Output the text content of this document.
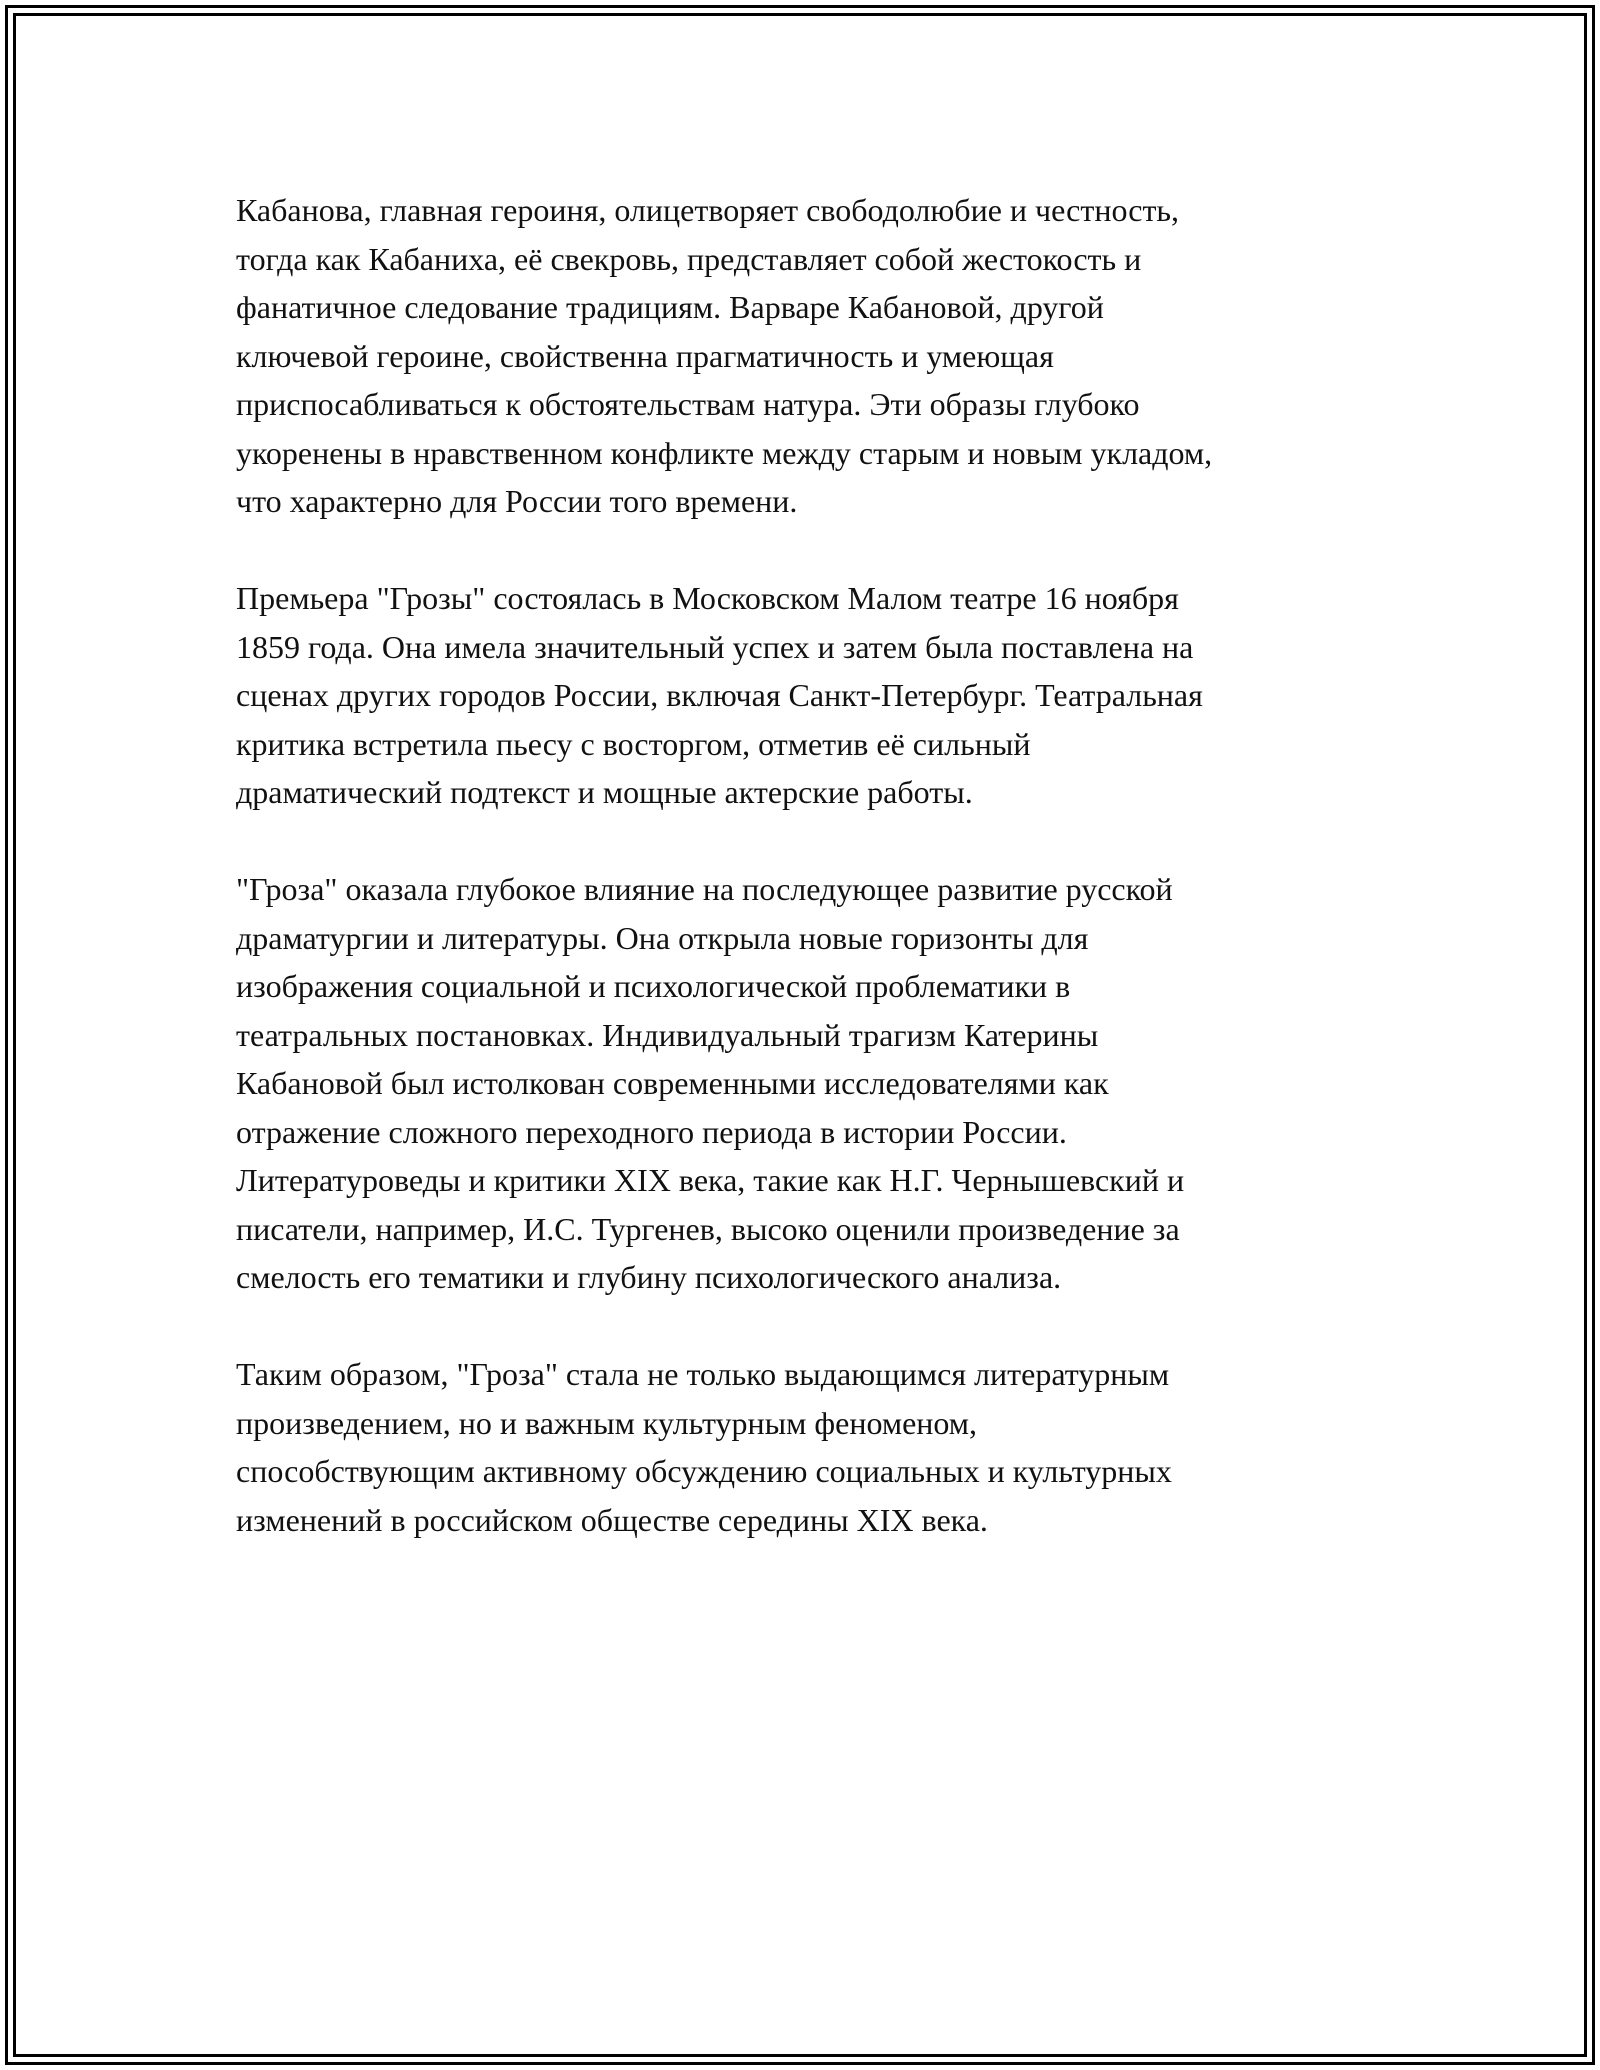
Кабанова, главная героиня, олицетворяет свободолюбие и честность,
тогда как Кабаниха, её свекровь, представляет собой жестокость и
фанатичное следование традициям. Варваре Кабановой, другой
ключевой героине, свойственна прагматичность и умеющая
приспосабливаться к обстоятельствам натура. Эти образы глубоко
укоренены в нравственном конфликте между старым и новым укладом,
что характерно для России того времени.

Премьера "Грозы" состоялась в Московском Малом театре 16 ноября
1859 года. Она имела значительный успех и затем была поставлена на
сценах других городов России, включая Санкт-Петербург. Театральная
критика встретила пьесу с восторгом, отметив её сильный
драматический подтекст и мощные актерские работы.

"Гроза" оказала глубокое влияние на последующее развитие русской
драматургии и литературы. Она открыла новые горизонты для
изображения социальной и психологической проблематики в
театральных постановках. Индивидуальный трагизм Катерины
Кабановой был истолкован современными исследователями как
отражение сложного переходного периода в истории России.
Литературоведы и критики XIX века, такие как Н.Г. Чернышевский и
писатели, например, И.С. Тургенев, высоко оценили произведение за
смелость его тематики и глубину психологического анализа.

Таким образом, "Гроза" стала не только выдающимся литературным
произведением, но и важным культурным феноменом,
способствующим активному обсуждению социальных и культурных
изменений в российском обществе середины XIX века.
